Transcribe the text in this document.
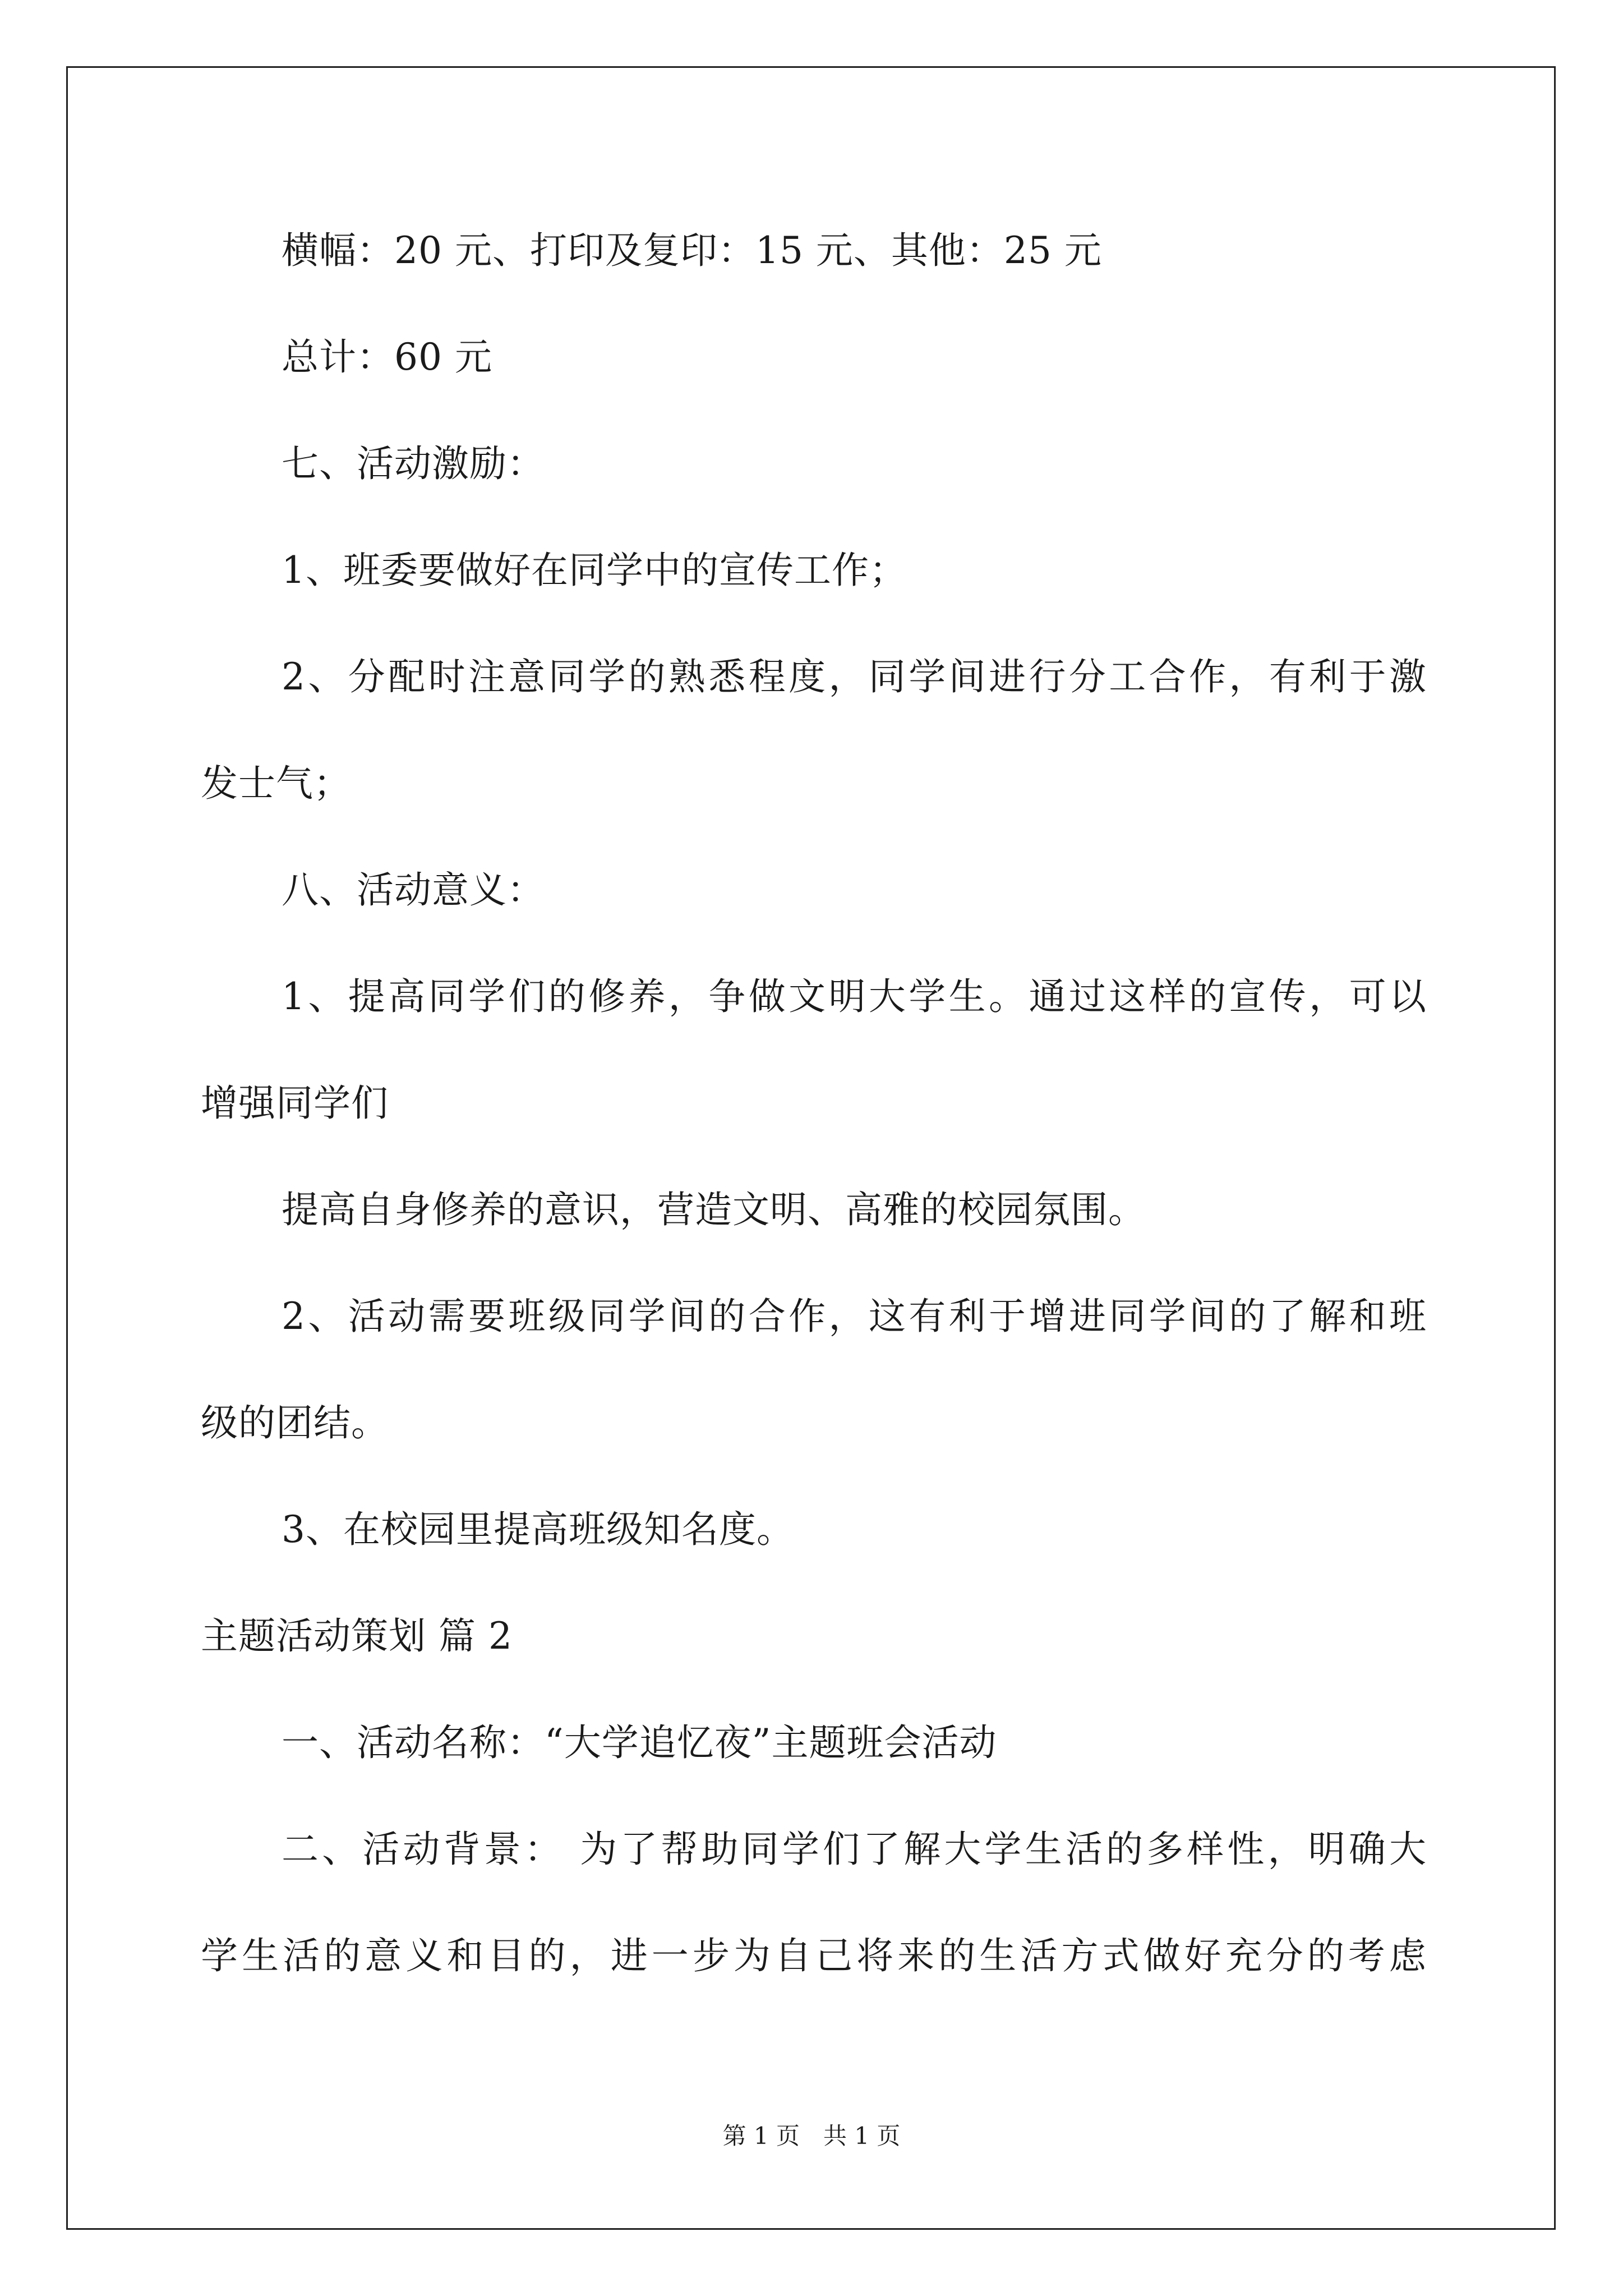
横幅：20 元、打印及复印：15 元、其他：25 元
总计：60 元
七、活动激励：
1、班委要做好在同学中的宣传工作；
2、分配时注意同学的熟悉程度，同学间进行分工合作，有利于激
发士气；
八、活动意义：
1、提高同学们的修养，争做文明大学生。通过这样的宣传，可以
增强同学们
提高自身修养的意识，营造文明、高雅的校园氛围。
2、活动需要班级同学间的合作，这有利于增进同学间的了解和班
级的团结。
3、在校园里提高班级知名度。
主题活动策划 篇 2
一、活动名称：“大学追忆夜”主题班会活动
二、活动背景： 为了帮助同学们了解大学生活的多样性，明确大
学生活的意义和目的，进一步为自己将来的生活方式做好充分的考虑
第 1 页　共 1 页
